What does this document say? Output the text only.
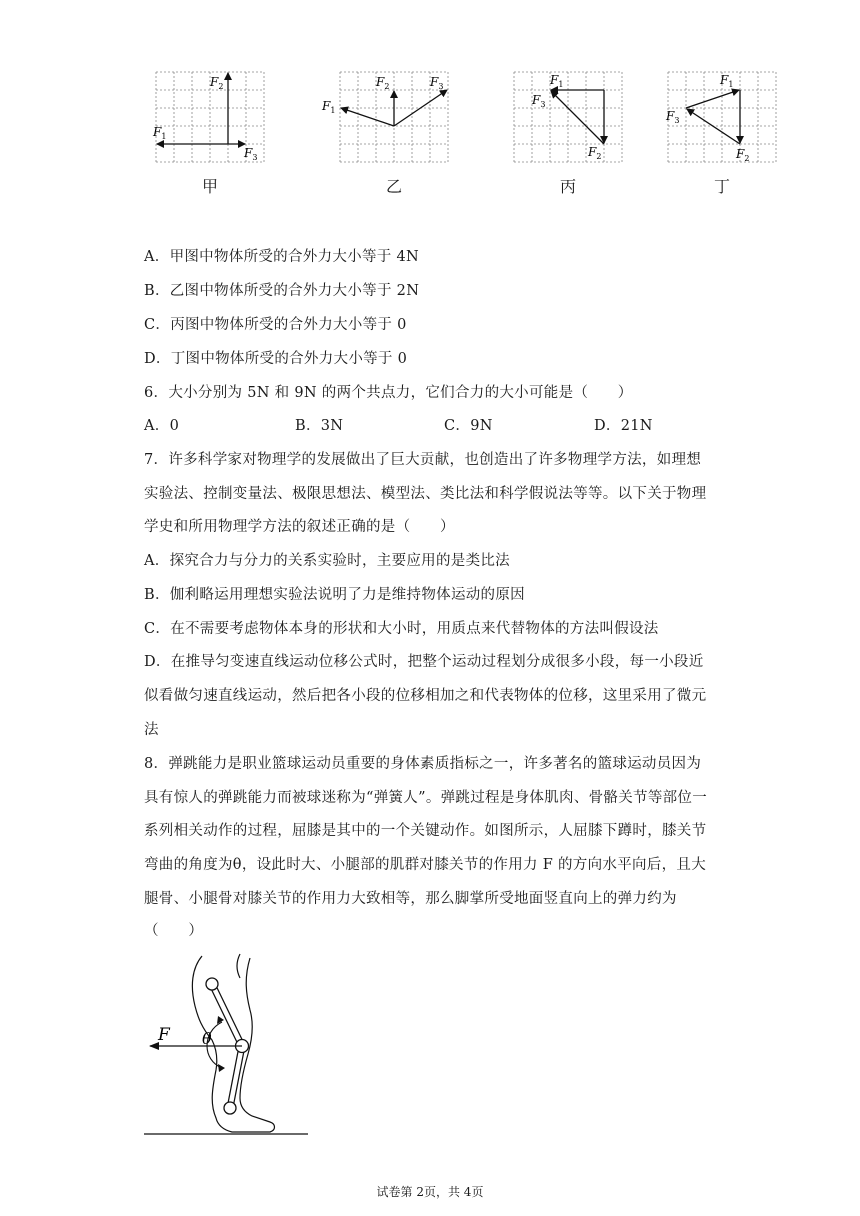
$F_1$
$F_2$
$F_3$
甲
$F_1$
$F_2$	$F_3$
乙
$F_1$
$F_2$
$F_3$
丙
$F_1$
$F_2$
$F_3$
丁
A．甲图中物体所受的合外力大小等于 4N
B．乙图中物体所受的合外力大小等于 2N
C．丙图中物体所受的合外力大小等于 0
D．丁图中物体所受的合外力大小等于 0
6．大小分别为 5N 和 9N 的两个共点力，它们合力的大小可能是（　　）
A．0	B．3N	C．9N	D．21N
7．许多科学家对物理学的发展做出了巨大贡献，也创造出了许多物理学方法，如理想
实验法、控制变量法、极限思想法、模型法、类比法和科学假说法等等。以下关于物理
学史和所用物理学方法的叙述正确的是（　　）
A．探究合力与分力的关系实验时，主要应用的是类比法
B．伽利略运用理想实验法说明了力是维持物体运动的原因
C．在不需要考虑物体本身的形状和大小时，用质点来代替物体的方法叫假设法
D．在推导匀变速直线运动位移公式时，把整个运动过程划分成很多小段，每一小段近
似看做匀速直线运动，然后把各小段的位移相加之和代表物体的位移，这里采用了微元
法
8．弹跳能力是职业篮球运动员重要的身体素质指标之一，许多著名的篮球运动员因为
具有惊人的弹跳能力而被球迷称为“弹簧人”。弹跳过程是身体肌肉、骨骼关节等部位一
系列相关动作的过程，屈膝是其中的一个关键动作。如图所示，人屈膝下蹲时，膝关节
弯曲的角度为θ，设此时大、小腿部的肌群对膝关节的作用力 F 的方向水平向后，且大
腿骨、小腿骨对膝关节的作用力大致相等，那么脚掌所受地面竖直向上的弹力约为
（　　）
F θ
试卷第 2页，共 4页
